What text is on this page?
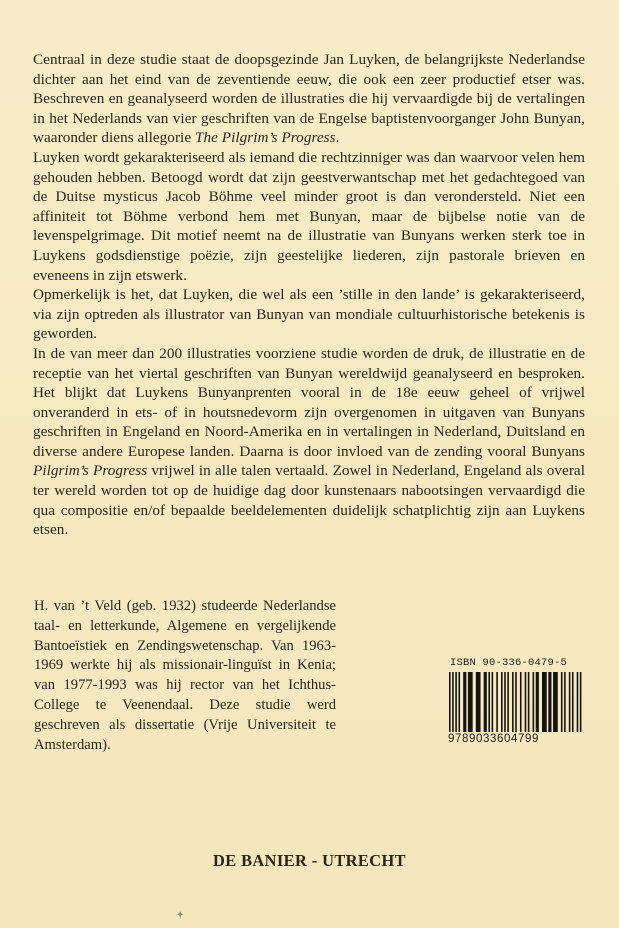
Centraal in deze studie staat de doopsgezinde Jan Luyken, de belangrijkste Nederlandse dichter aan het eind van de zeventiende eeuw, die ook een zeer productief etser was. Beschreven en geanalyseerd worden de illustraties die hij vervaardigde bij de vertalingen in het Nederlands van vier geschriften van de Engelse baptistenvoorganger John Bunyan, waaronder diens allegorie The Pilgrim’s Progress.

Luyken wordt gekarakteriseerd als iemand die rechtzinniger was dan waarvoor velen hem gehouden hebben. Betoogd wordt dat zijn geestverwantschap met het gedachtegoed van de Duitse mysticus Jacob Böhme veel minder groot is dan verondersteld. Niet een affiniteit tot Böhme verbond hem met Bunyan, maar de bijbelse notie van de levenspelgrimage. Dit motief neemt na de illustratie van Bunyans werken sterk toe in Luykens godsdienstige poëzie, zijn geestelijke liederen, zijn pastorale brieven en eveneens in zijn etswerk.

Opmerkelijk is het, dat Luyken, die wel als een ’stille in den lande’ is gekarakteriseerd, via zijn optreden als illustrator van Bunyan van mondiale cultuurhistorische betekenis is geworden.

In de van meer dan 200 illustraties voorziene studie worden de druk, de illustratie en de receptie van het viertal geschriften van Bunyan wereldwijd geanalyseerd en besproken. Het blijkt dat Luykens Bunyanprenten vooral in de 18e eeuw geheel of vrijwel onveranderd in ets- of in houtsnedevorm zijn overgenomen in uitgaven van Bunyans geschriften in Engeland en Noord-Amerika en in vertalingen in Nederland, Duitsland en diverse andere Europese landen. Daarna is door invloed van de zending vooral Bunyans Pilgrim’s Progress vrijwel in alle talen vertaald. Zowel in Nederland, Engeland als overal ter wereld worden tot op de huidige dag door kunstenaars nabootsingen vervaardigd die qua compositie en/of bepaalde beeldelementen duidelijk schatplichtig zijn aan Luykens etsen.

H. van ’t Veld (geb. 1932) studeerde Nederlandse taal- en letterkunde, Algemene en vergelijkende Bantoeïstiek en Zendingswetenschap. Van 1963-1969 werkte hij als missionair-linguïst in Kenia; van 1977-1993 was hij rector van het Ichthus-College te Veenendaal. Deze studie werd geschreven als dissertatie (Vrije Universiteit te Amsterdam).
ISBN 90-336-0479-5
9789033604799
DE BANIER - UTRECHT
✦
